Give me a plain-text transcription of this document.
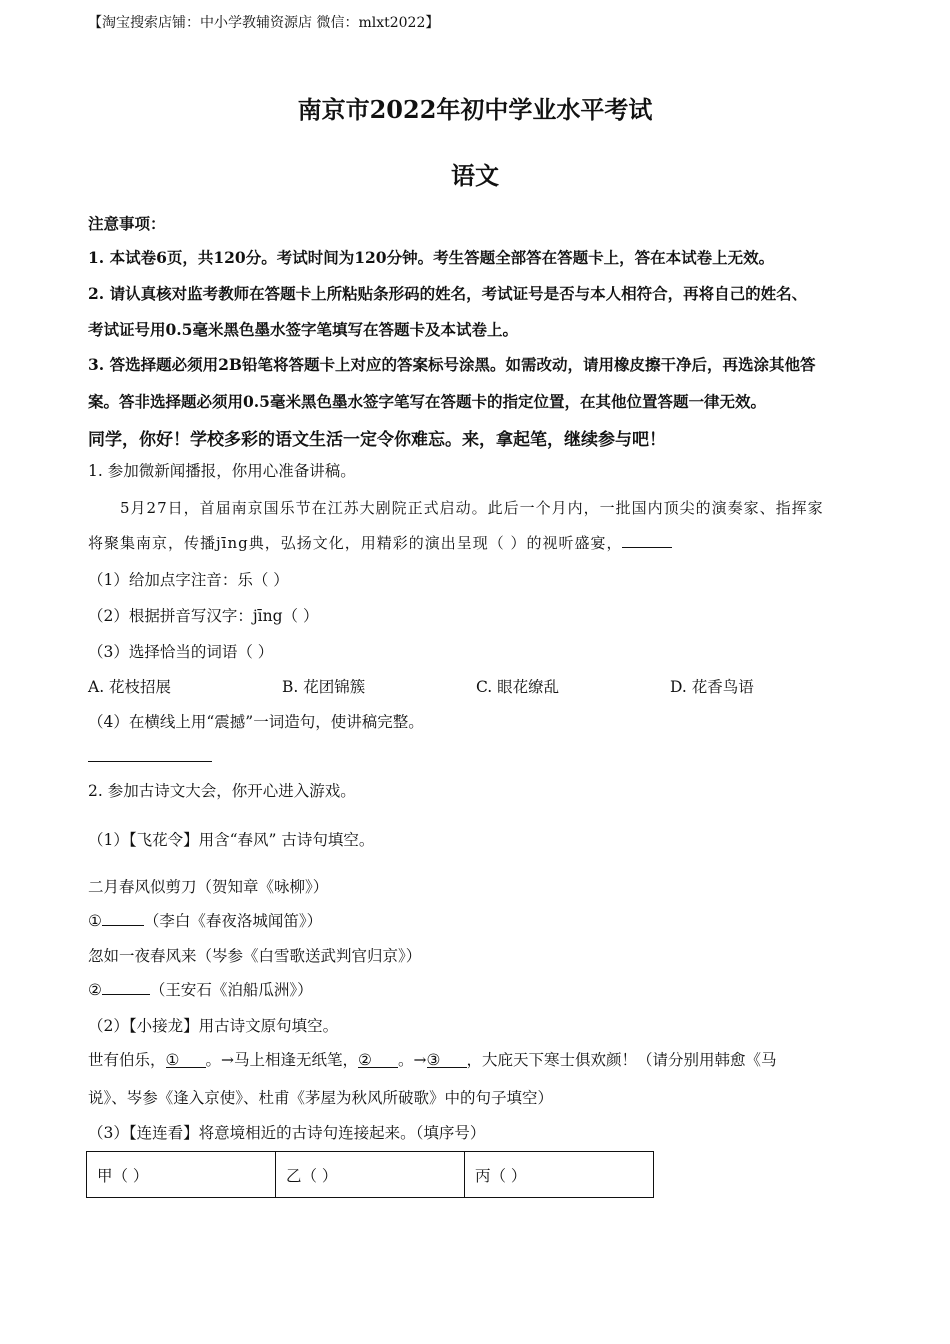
【淘宝搜索店铺：中小学教辅资源店 微信：mlxt2022】
南京市2022年初中学业水平考试
语文
注意事项：
1. 本试卷6页，共120分。考试时间为120分钟。考生答题全部答在答题卡上，答在本试卷上无效。
2. 请认真核对监考教师在答题卡上所粘贴条形码的姓名，考试证号是否与本人相符合，再将自己的姓名、
考试证号用0.5毫米黑色墨水签字笔填写在答题卡及本试卷上。
3. 答选择题必须用2B铅笔将答题卡上对应的答案标号涂黑。如需改动，请用橡皮擦干净后，再选涂其他答
案。答非选择题必须用0.5毫米黑色墨水签字笔写在答题卡的指定位置，在其他位置答题一律无效。
同学，你好！学校多彩的语文生活一定令你难忘。来，拿起笔，继续参与吧！
1. 参加微新闻播报，你用心准备讲稿。
5月27日，首届南京国乐节在江苏大剧院正式启动。此后一个月内，一批国内顶尖的演奏家、指挥家
将聚集南京，传播jīng典，弘扬文化，用精彩的演出呈现（ ）的视听盛宴，
（1）给加点字注音：乐（ ）
（2）根据拼音写汉字：jīng（ ）
（3）选择恰当的词语（ ）
A. 花枝招展	B. 花团锦簇	C. 眼花缭乱	D. 花香鸟语
（4）在横线上用“震撼”一词造句，使讲稿完整。
2. 参加古诗文大会，你开心进入游戏。
（1）【飞花令】用含“春风” 古诗句填空。
二月春风似剪刀（贺知章《咏柳》）
①	（李白《春夜洛城闻笛》）
忽如一夜春风来（岑参《白雪歌送武判官归京》）
②	（王安石《泊船瓜洲》）
（2）【小接龙】用古诗文原句填空。
世有伯乐，① 。→马上相逢无纸笔，② 。→③ ，大庇天下寒士俱欢颜！（请分别用韩愈《马
说》、岑参《逢入京使》、杜甫《茅屋为秋风所破歌》中的句子填空）
（3）【连连看】将意境相近的古诗句连接起来。（填序号）
甲（ ）	乙（ ）	丙（ ）
